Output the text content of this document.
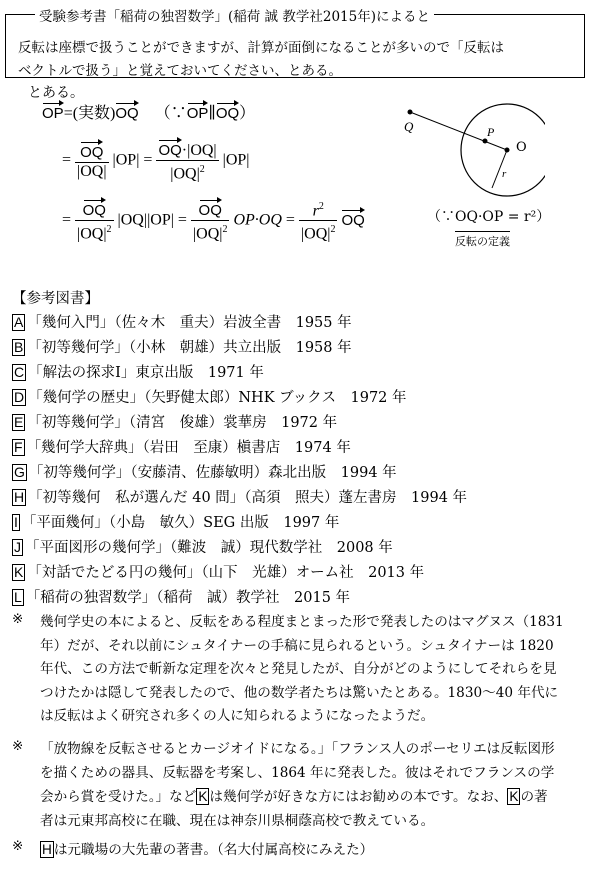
受験参考書「稲荷の独習数学」(稲荷 誠 教学社2015年)によると
反転は座標で扱うことができますが、計算が面倒になることが多いので「反転は
ベクトルで扱う」と覚えておいてください、とある。
とある。
OP=(実数)OQ （∵OP∥OQ）
= $\frac{OQ}{|OQ|} |OP| = \frac{OQ\cdot|OQ|}{|OQ|^2} |OP|$
= $\frac{OQ}{|OQ|^2} |OQ||OP| = \frac{OQ}{|OQ|^2} OP\cdot OQ = \frac{r^2}{|OQ|^2}$ OQ	（∵OQ·OP = r²）
反転の定義
Q	P
O
r
【参考図書】
A 「幾何入門」（佐々木　重夫）岩波全書　1955 年
B 「初等幾何学」（小林　朝雄）共立出版　1958 年
C 「解法の探求Ⅰ」東京出版　1971 年
D 「幾何学の歴史」（矢野健太郎）NHK ブックス　1972 年
E 「初等幾何学」（清宮　俊雄）裳華房　1972 年
F 「幾何学大辞典」（岩田　至康）槇書店　1974 年
G 「初等幾何学」（安藤清、佐藤敏明）森北出版　1994 年
H 「初等幾何　私が選んだ 40 問」（高須　照夫）蓬左書房　1994 年
I 「平面幾何」（小島　敏久）SEG 出版　1997 年
J 「平面図形の幾何学」（難波　誠）現代数学社　2008 年
K 「対話でたどる円の幾何」（山下　光雄）オーム社　2013 年
L 「稲荷の独習数学」（稲荷　誠）教学社　2015 年
※ 幾何学史の本によると、反転をある程度まとまった形で発表したのはマグヌス（1831
年）だが、それ以前にシュタイナーの手稿に見られるという。シュタイナーは 1820
年代、この方法で斬新な定理を次々と発見したが、自分がどのようにしてそれらを見
つけたかは隠して発表したので、他の数学者たちは驚いたとある。1830～40 年代に
は反転はよく研究され多くの人に知られるようになったようだ。
※ 「放物線を反転させるとカージオイドになる。」「フランス人のポーセリエは反転図形
を描くための器具、反転器を考案し、1864 年に発表した。彼はそれでフランスの学
会から賞を受けた。」など K は幾何学が好きな方にはお勧めの本です。なお、 K の著
者は元東邦高校に在職、現在は神奈川県桐蔭高校で教えている。
※ H は元職場の大先輩の著書。（名大付属高校にみえた）
